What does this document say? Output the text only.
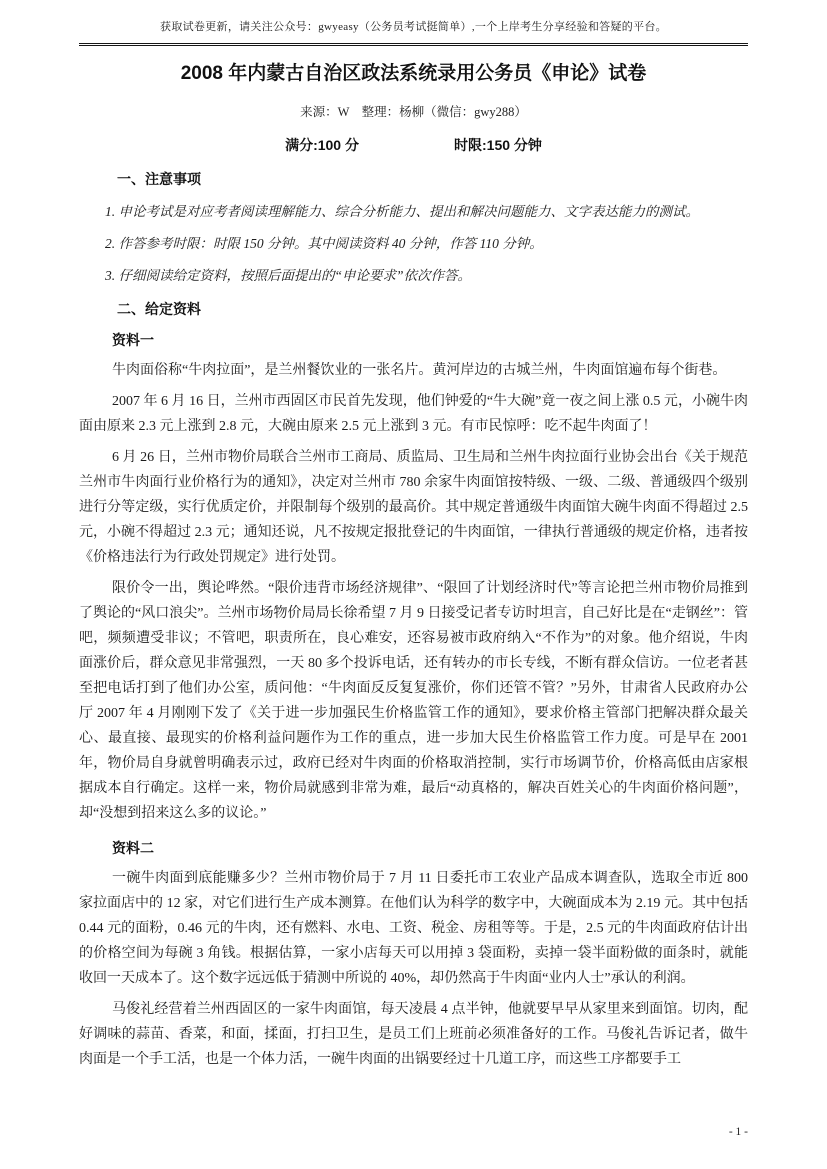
获取试卷更新，请关注公众号：gwyeasy（公务员考试挺简单）,一个上岸考生分享经验和答疑的平台。
2008 年内蒙古自治区政法系统录用公务员《申论》试卷
来源：W　整理：杨柳（微信：gwy288）
满分:100 分	时限:150 分钟
一、注意事项

1. 申论考试是对应考者阅读理解能力、综合分析能力、提出和解决问题能力、文字表达能力的测试。

2. 作答参考时限：时限 150 分钟。其中阅读资料 40 分钟，作答 110 分钟。

3. 仔细阅读给定资料，按照后面提出的“申论要求”依次作答。

二、给定资料
资料一

牛肉面俗称“牛肉拉面”，是兰州餐饮业的一张名片。黄河岸边的古城兰州，牛肉面馆遍布每个街巷。

2007 年 6 月 16 日，兰州市西固区市民首先发现，他们钟爱的“牛大碗”竟一夜之间上涨 0.5 元，小碗牛肉面由原来 2.3 元上涨到 2.8 元，大碗由原来 2.5 元上涨到 3 元。有市民惊呼：吃不起牛肉面了！

6 月 26 日，兰州市物价局联合兰州市工商局、质监局、卫生局和兰州牛肉拉面行业协会出台《关于规范兰州市牛肉面行业价格行为的通知》，决定对兰州市 780 余家牛肉面馆按特级、一级、二级、普通级四个级别进行分等定级，实行优质定价，并限制每个级别的最高价。其中规定普通级牛肉面馆大碗牛肉面不得超过 2.5 元，小碗不得超过 2.3 元；通知还说，凡不按规定报批登记的牛肉面馆，一律执行普通级的规定价格，违者按《价格违法行为行政处罚规定》进行处罚。

限价令一出，舆论哗然。“限价违背市场经济规律”、“限回了计划经济时代”等言论把兰州市物价局推到了舆论的“风口浪尖”。兰州市场物价局局长徐希望 7 月 9 日接受记者专访时坦言，自己好比是在“走钢丝”：管吧，频频遭受非议；不管吧，职责所在，良心难安，还容易被市政府纳入“不作为”的对象。他介绍说，牛肉面涨价后，群众意见非常强烈，一天 80 多个投诉电话，还有转办的市长专线，不断有群众信访。一位老者甚至把电话打到了他们办公室，质问他：“牛肉面反反复复涨价，你们还管不管？”另外，甘肃省人民政府办公厅 2007 年 4 月刚刚下发了《关于进一步加强民生价格监管工作的通知》，要求价格主管部门把解决群众最关心、最直接、最现实的价格利益问题作为工作的重点，进一步加大民生价格监管工作力度。可是早在 2001 年，物价局自身就曾明确表示过，政府已经对牛肉面的价格取消控制，实行市场调节价，价格高低由店家根据成本自行确定。这样一来，物价局就感到非常为难，最后“动真格的，解决百姓关心的牛肉面价格问题”，却“没想到招来这么多的议论。”

资料二

一碗牛肉面到底能赚多少？兰州市物价局于 7 月 11 日委托市工农业产品成本调查队，选取全市近 800 家拉面店中的 12 家，对它们进行生产成本测算。在他们认为科学的数字中，大碗面成本为 2.19 元。其中包括 0.44 元的面粉，0.46 元的牛肉，还有燃料、水电、工资、税金、房租等等。于是，2.5 元的牛肉面政府估计出的价格空间为每碗 3 角钱。根据估算，一家小店每天可以用掉 3 袋面粉，卖掉一袋半面粉做的面条时，就能收回一天成本了。这个数字远远低于猜测中所说的 40%，却仍然高于牛肉面“业内人士”承认的利润。

马俊礼经营着兰州西固区的一家牛肉面馆，每天凌晨 4 点半钟，他就要早早从家里来到面馆。切肉，配好调味的蒜苗、香菜，和面，揉面，打扫卫生，是员工们上班前必须准备好的工作。马俊礼告诉记者，做牛肉面是一个手工活，也是一个体力活，一碗牛肉面的出锅要经过十几道工序，而这些工序都要手工

- 1 -
